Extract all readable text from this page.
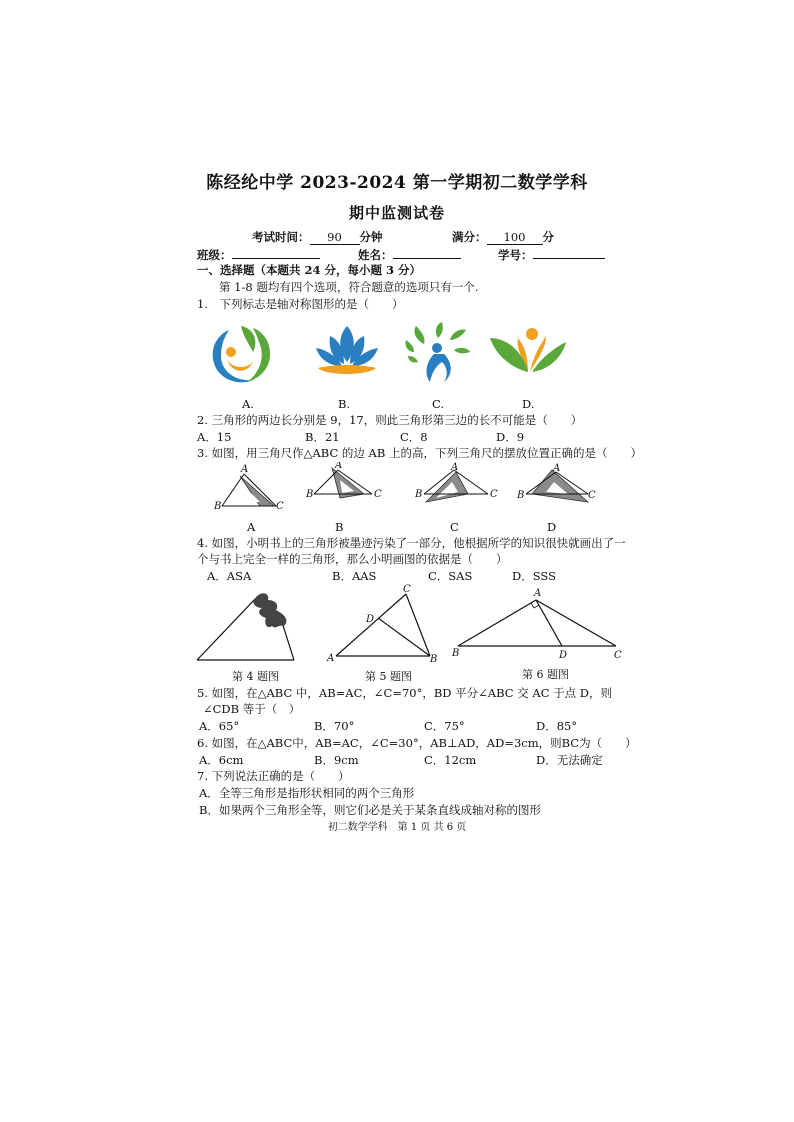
陈经纶中学 2023-2024 第一学期初二数学学科
期中监测试卷
考试时间： 90 分钟	满分： 100 分
班级：	姓名：	学号：
一、选择题（本题共 24 分，每小题 3 分）
第 1-8 题均有四个选项，符合题意的选项只有一个.
1.　下列标志是轴对称图形的是（　　）
A.	B.	C.	D.
2. 三角形的两边长分别是 9，17，则此三角形第三边的长不可能是（　　）
A．15	B．21	C．8	D．9
3. 如图，用三角尺作△ABC 的边 AB 上的高，下列三角尺的摆放位置正确的是（　　）
A
B	C
A
B	C
A
B	C
A
B	C
A	B	C	D
4. 如图，小明书上的三角形被墨迹污染了一部分，他根据所学的知识很快就画出了一
个与书上完全一样的三角形，那么小明画图的依据是（　　）
A．ASA	B．AAS	C．SAS	D．SSS
第 4 题图
A	B
C
D
第 5 题图
A
B	C
D
第 6 题图
5. 如图，在△ABC 中，AB=AC，∠C=70°，BD 平分∠ABC 交 AC 于点 D，则
∠CDB 等于（　）
A．65°	B．70°	C．75°	D．85°
6. 如图，在△ABC中，AB=AC，∠C=30°，AB⊥AD，AD=3cm，则BC为（　　）
A．6cm	B．9cm	C．12cm	D．无法确定
7. 下列说法正确的是（　　）
A．全等三角形是指形状相同的两个三角形
B．如果两个三角形全等，则它们必是关于某条直线成轴对称的图形
初二数学学科　第 1 页 共 6 页
